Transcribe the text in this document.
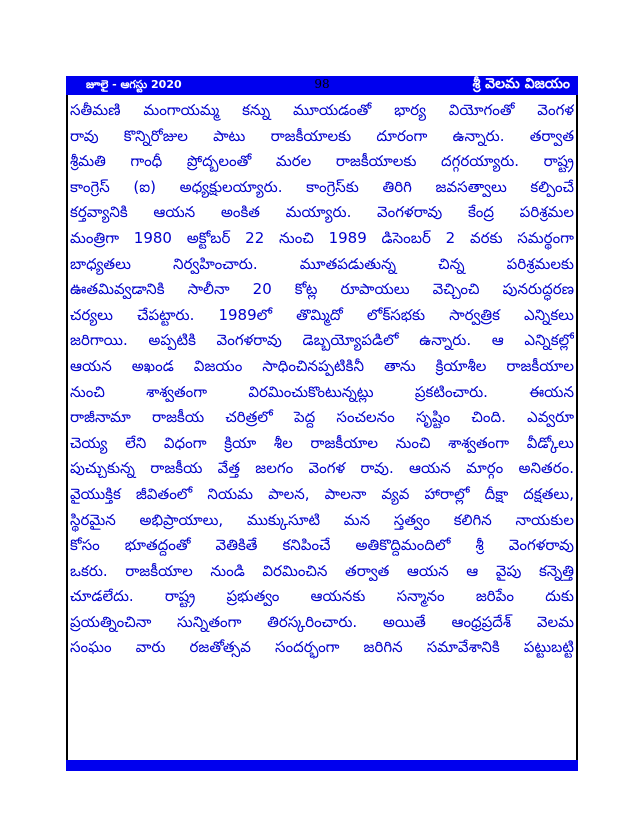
జూలై - ఆగస్టు 2020	98	శ్రీ వెలమ విజయం
సతీమణి మంగాయమ్మ కన్ను మూయడంతో భార్య వియోగంతో వెంగళ
రావు కొన్నిరోజుల పాటు రాజకీయాలకు దూరంగా ఉన్నారు. తర్వాత
శ్రీమతి గాంధీ ప్రోద్బలంతో మరల రాజకీయాలకు దగ్గరయ్యారు. రాష్ట్ర
కాంగ్రెస్ (ఐ) అధ్యక్షులయ్యారు. కాంగ్రెస్‌కు తిరిగి జవసత్వాలు కల్పించే
కర్తవ్యానికి ఆయన అంకిత మయ్యారు. వెంగళరావు కేంద్ర పరిశ్రమల
మంత్రిగా 1980 అక్టోబర్ 22 నుంచి 1989 డిసెంబర్ 2 వరకు సమర్థంగా
బాధ్యతలు నిర్వహించారు. మూతపడుతున్న చిన్న పరిశ్రమలకు
ఊతమివ్వడానికి సాలీనా 20 కోట్ల రూపాయలు వెచ్చించి పునరుద్ధరణ
చర్యలు చేపట్టారు. 1989లో తొమ్మిదో లోక్‌సభకు సార్వత్రిక ఎన్నికలు
జరిగాయి. అప్పటికి వెంగళరావు డెబ్బయ్యోపడిలో ఉన్నారు. ఆ ఎన్నికల్లో
ఆయన అఖండ విజయం సాధించినప్పటికినీ తాను క్రియాశీల రాజకీయాల
నుంచి శాశ్వతంగా విరమించుకొంటున్నట్లు ప్రకటించారు. ఈయన
రాజీనామా రాజకీయ చరిత్రలో పెద్ద సంచలనం సృష్టిం చింది. ఎవ్వరూ
చెయ్య లేని విధంగా క్రియా శీల రాజకీయాల నుంచి శాశ్వతంగా వీడ్కోలు
పుచ్చుకున్న రాజకీయ వేత్త జలగం వెంగళ రావు. ఆయన మార్గం అనితరం.
వైయుక్తిక జీవితంలో నియమ పాలన, పాలనా వ్యవ హారాల్లో దీక్షా దక్షతలు,
స్థిరమైన అభిప్రాయాలు, ముక్కుసూటి మన స్తత్వం కలిగిన నాయకుల
కోసం భూతద్దంతో వెతికితే కనిపించే అతికొద్దిమందిలో శ్రీ వెంగళరావు
ఒకరు. రాజకీయాల నుండి విరమించిన తర్వాత ఆయన ఆ వైపు కన్నెత్తి
చూడలేదు. రాష్ట్ర ప్రభుత్వం ఆయనకు సన్మానం జరిపేం దుకు
ప్రయత్నించినా సున్నితంగా తిరస్కరించారు. అయితే ఆంధ్రప్రదేశ్ వెలమ
సంఘం వారు రజతోత్సవ సందర్భంగా జరిగిన సమావేశానికి పట్టుబట్టి
